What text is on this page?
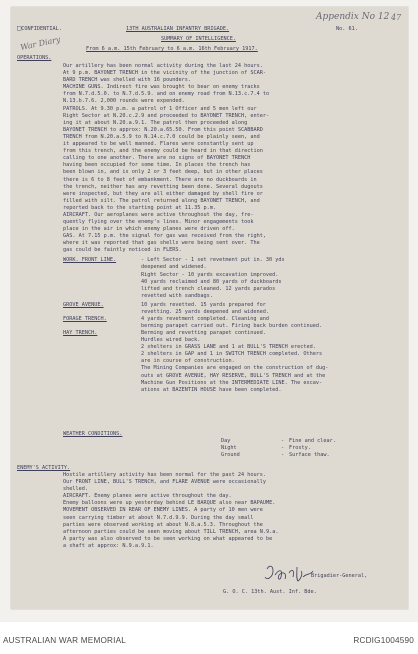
□CONFIDENTIAL.	13TH AUSTRALIAN INFANTRY BRIGADE.	No. 61.
Appendix No 12 47
War Diary	SUMMARY OF INTELLIGENCE.
From 6 a.m. 15th February to 6 a.m. 16th February 1917.
OPERATIONS.
Our artillery has been normal activity during the last 24 hours.
At 9 p.m. BAYONET TRENCH in the vicinity of the junction of SCAR-
BARD TRENCH was shelled with 16 pounders.
MACHINE GUNS. Indirect fire was brought to bear on enemy tracks
from N.7.d.5.0. to N.7.d.5.9. and on enemy road from N.13.c.7.4 to
N.13.b.7.6. 2,000 rounds were expended.
PATROLS. At 9.30 p.m. a patrol of 1 Officer and 5 men left our
Right Sector at N.20.c.2.9 and proceeded to BAYONET TRENCH, enter-
ing it at about N.20.a.9.1. The patrol then proceeded along
BAYONET TRENCH to approx: N.20.a.65.50. From this point SCABBARD
TRENCH from N.20.a.5.9 to N.14.c.7.0 could be plainly seen, and
it appeared to be well manned. Flares were constantly sent up
from this trench, and the enemy could be heard in that direction
calling to one another. There are no signs of BAYONET TRENCH
having been occupied for some time. In places the trench has
been blown in, and is only 2 or 3 feet deep, but in other places
there is 6 to 8 feet of embankment. There are no duckboards in
the trench, neither has any revetting been done. Several dugouts
were inspected, but they are all either damaged by shell fire or
filled with silt. The patrol returned along BAYONET TRENCH, and
reported back to the starting point at 11.35 p.m.
AIRCRAFT. Our aeroplanes were active throughout the day, fre-
quently flying over the enemy's lines. Minor engagements took
place in the air in which enemy planes were driven off.
GAS. At 7.15 p.m. the signal for gas was received from the right,
where it was reported that gas shells were being sent over. The
gas could be faintly noticed in FLERS.
WORK. FRONT LINE.	- Left Sector - 1 set revetment put in. 30 yds
deepened and widened.
Right Sector - 10 yards excavation improved.
40 yards reclaimed and 80 yards of duckboards
lifted and trench cleaned. 12 yards parados
revetted with sandbags.
GROVE AVENUE.	10 yards revetted. 15 yards prepared for
revetting. 25 yards deepened and widened.
FORAGE TRENCH.	4 yards revetment completed. Cleaning and
berming parapet carried out. Firing back burden continued.
HAY TRENCH.	Berming and revetting parapet continued.
Hurdles wired back.
2 shelters in GRASS LANE and 1 at BULL'S TRENCH erected.
2 shelters in GAP and 1 in SWITCH TRENCH completed. Others
are in course of construction.
The Mining Companies are engaged on the construction of dug-
outs at GROVE AVENUE, HAY RESERVE, BULL'S TRENCH and at the
Machine Gun Positions at the INTERMEDIATE LINE. The excav-
ations at BAZENTIN HOUSE have been completed.
WEATHER CONDITIONS.
Day	- Fine and clear.
Night	- Frosty.
Ground	- Surface thaw.
ENEMY'S ACTIVITY.
Hostile artillery activity has been normal for the past 24 hours.
Our FRONT LINE, BULL'S TRENCH, and FLARE AVENUE were occasionally
shelled.
AIRCRAFT. Enemy planes were active throughout the day.
Enemy balloons were up yesterday behind LE BARQUE also near BAPAUME.
MOVEMENT OBSERVED IN REAR OF ENEMY LINES. A party of 10 men were
seen carrying timber at about N.7.d.9.9. During the day small
parties were observed working at about N.8.a.5.3. Throughout the
afternoon parties could be seen moving about TILL TRENCH, area N.9.a.
A party was also observed to be seen working on what appeared to be
a shaft at approx: N.9.a.9.1.
Brigadier-General,
G. O. C. 13th. Aust. Inf. Bde.
AUSTRALIAN WAR MEMORIAL	RCDIG1004590
